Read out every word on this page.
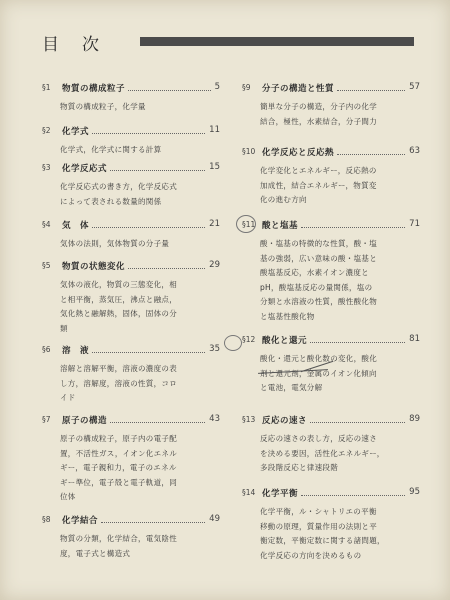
目　次
§1 物質の構成粒子	5
物質の構成粒子，化学量
§2 化学式	11
化学式，化学式に関する計算
§3 化学反応式	15
化学反応式の書き方，化学反応式
によって表される数量的関係
§4 気　体	21
気体の法則，気体物質の分子量
§5 物質の状態変化	29
気体の液化，物質の三態変化，相
と相平衡，蒸気圧，沸点と融点，
気化熱と融解熱，固体，固体の分
類
§6 溶　液	35
溶解と溶解平衡，溶液の濃度の表
し方，溶解度，溶液の性質，コロ
イド
§7 原子の構造	43
原子の構成粒子，原子内の電子配
置，不活性ガス，イオン化エネル
ギー，電子親和力，電子のエネル
ギー準位，電子殻と電子軌道，同
位体
§8 化学結合	49
物質の分類，化学結合，電気陰性
度，電子式と構造式
§9 分子の構造と性質	57
簡単な分子の構造，分子内の化学
結合，極性，水素結合，分子間力
§10 化学反応と反応熱	63
化学変化とエネルギー，反応熱の
加成性，結合エネルギー，物質変
化の進む方向
§11 酸と塩基	71
酸・塩基の特徴的な性質，酸・塩
基の強弱，広い意味の酸・塩基と
酸塩基反応，水素イオン濃度と
pH，酸塩基反応の量関係，塩の
分類と水溶液の性質，酸性酸化物
と塩基性酸化物
§12 酸化と還元	81
酸化・還元と酸化数の変化，酸化
剤と還元剤，金属のイオン化傾向
と電池，電気分解
§13 反応の速さ	89
反応の速さの表し方，反応の速さ
を決める要因，活性化エネルギー，
多段階反応と律速段階
§14 化学平衡	95
化学平衡，ル・シャトリエの平衡
移動の原理，質量作用の法則と平
衡定数，平衡定数に関する諸問題，
化学反応の方向を決めるもの
